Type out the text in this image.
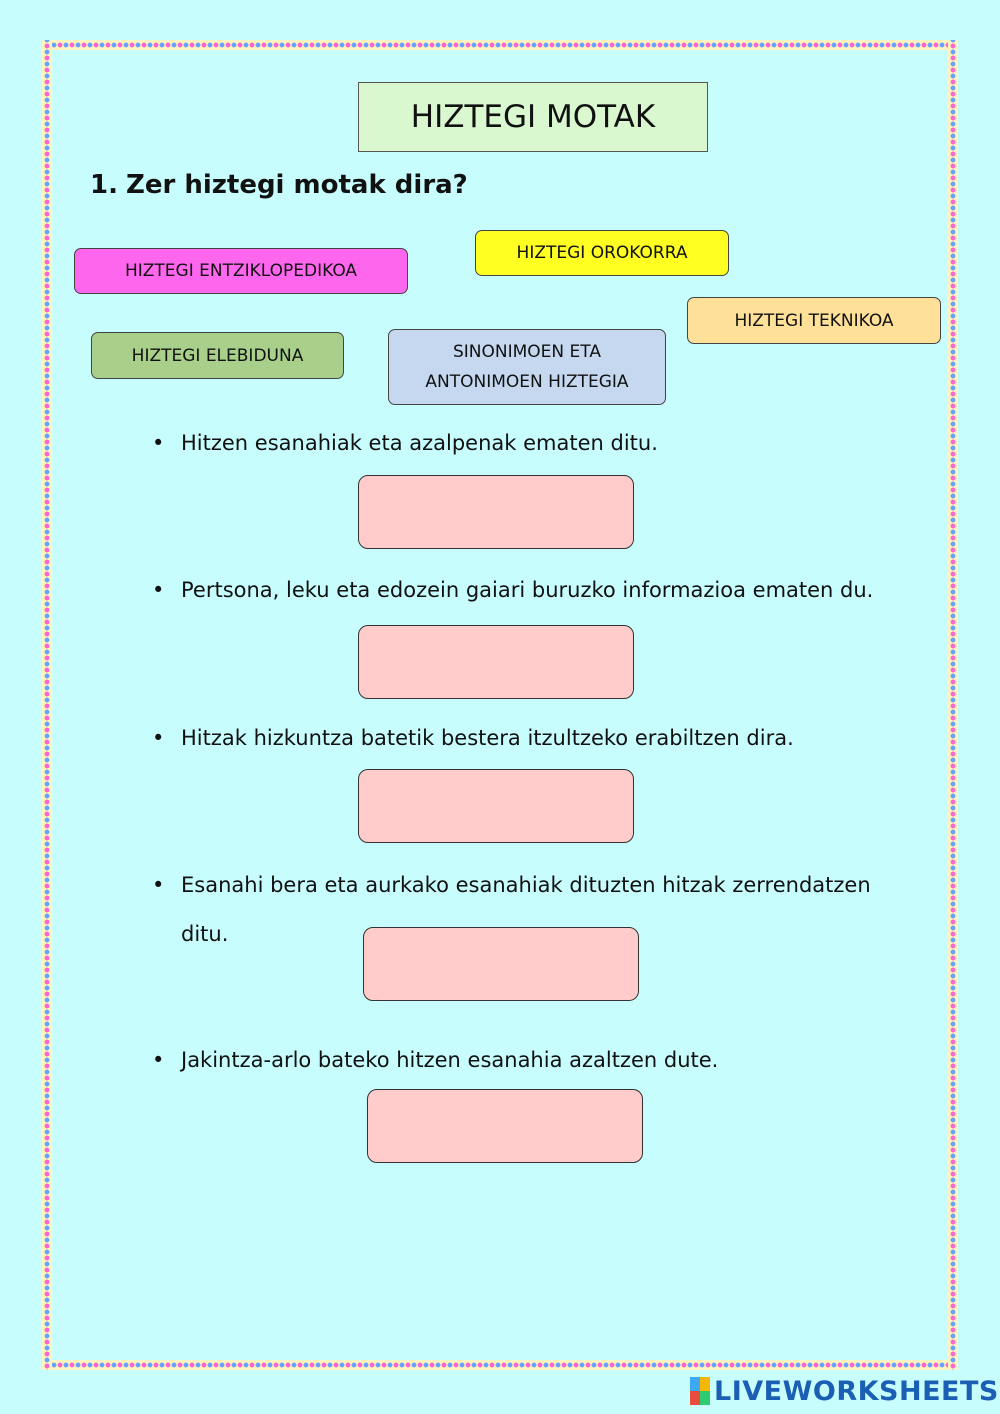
HIZTEGI MOTAK
1. Zer hiztegi motak dira?
HIZTEGI ENTZIKLOPEDIKOA
HIZTEGI OROKORRA
HIZTEGI TEKNIKOA
HIZTEGI ELEBIDUNA	SINONIMOEN ETA
ANTONIMOEN HIZTEGIA
• Hitzen esanahiak eta azalpenak ematen ditu.
• Pertsona, leku eta edozein gaiari buruzko informazioa ematen du.
• Hitzak hizkuntza batetik bestera itzultzeko erabiltzen dira.
• Esanahi bera eta aurkako esanahiak dituzten hitzak zerrendatzen ditu.
• Jakintza-arlo bateko hitzen esanahia azaltzen dute.
LIVEWORKSHEETS
